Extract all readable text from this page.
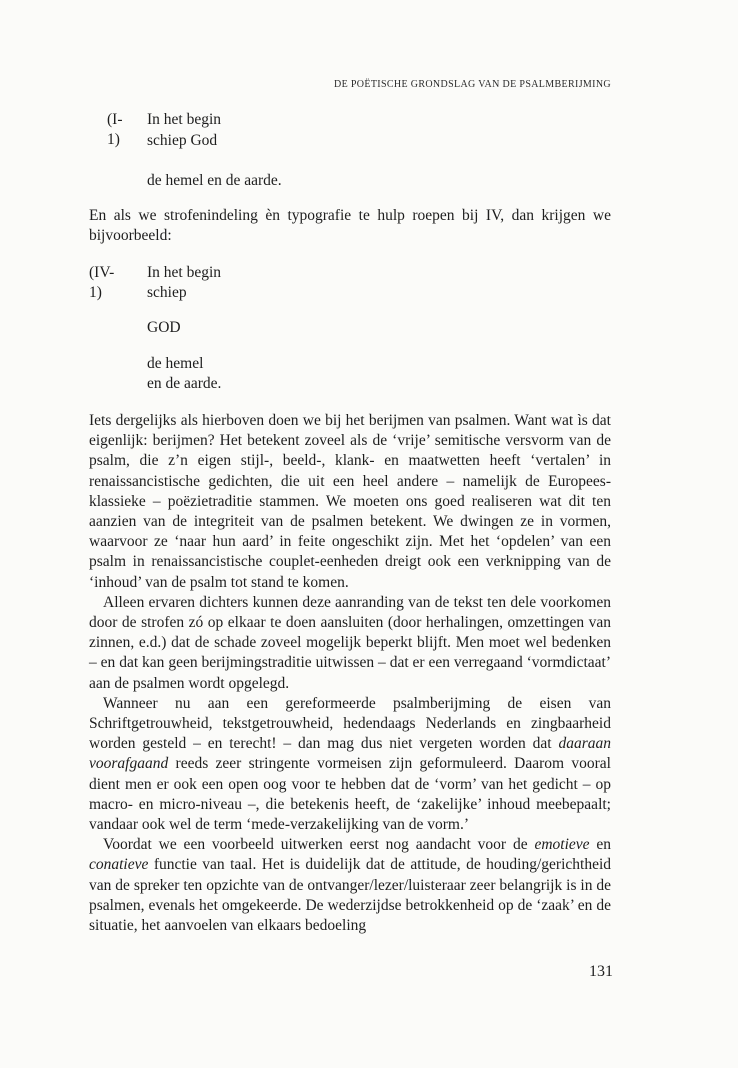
DE POËTISCHE GRONDSLAG VAN DE PSALMBERIJMING
(I-1)
In het begin
schiep God
de hemel en de aarde.

En als we strofenindeling èn typografie te hulp roepen bij IV, dan krijgen we bijvoorbeeld:

(IV-1)
In het begin
schiep
GOD
de hemel
en de aarde.

Iets dergelijks als hierboven doen we bij het berijmen van psalmen. Want wat ìs dat eigenlijk: berijmen? Het betekent zoveel als de ‘vrije’ semitische versvorm van de psalm, die z’n eigen stijl-, beeld-, klank- en maatwetten heeft ‘vertalen’ in renaissancistische gedichten, die uit een heel andere – namelijk de Europees-klassieke – poëzietraditie stammen. We moeten ons goed realiseren wat dit ten aanzien van de integriteit van de psalmen betekent. We dwingen ze in vormen, waarvoor ze ‘naar hun aard’ in feite ongeschikt zijn. Met het ‘opdelen’ van een psalm in renaissancistische couplet-eenheden dreigt ook een verknipping van de ‘inhoud’ van de psalm tot stand te komen.

Alleen ervaren dichters kunnen deze aanranding van de tekst ten dele voorkomen door de strofen zó op elkaar te doen aansluiten (door herhalingen, omzettingen van zinnen, e.d.) dat de schade zoveel mogelijk beperkt blijft. Men moet wel bedenken – en dat kan geen berijmingstraditie uitwissen – dat er een verregaand ‘vormdictaat’ aan de psalmen wordt opgelegd.

Wanneer nu aan een gereformeerde psalmberijming de eisen van Schriftgetrouwheid, tekstgetrouwheid, hedendaags Nederlands en zingbaarheid worden gesteld – en terecht! – dan mag dus niet vergeten worden dat daaraan voorafgaand reeds zeer stringente vormeisen zijn geformuleerd. Daarom vooral dient men er ook een open oog voor te hebben dat de ‘vorm’ van het gedicht – op macro- en micro-niveau –, die betekenis heeft, de ‘zakelijke’ inhoud meebepaalt; vandaar ook wel de term ‘mede-verzakelijking van de vorm.’

Voordat we een voorbeeld uitwerken eerst nog aandacht voor de emotieve en conatieve functie van taal. Het is duidelijk dat de attitude, de houding/gerichtheid van de spreker ten opzichte van de ontvanger/lezer/luisteraar zeer belangrijk is in de psalmen, evenals het omgekeerde. De wederzijdse betrokkenheid op de ‘zaak’ en de situatie, het aanvoelen van elkaars bedoeling

131
